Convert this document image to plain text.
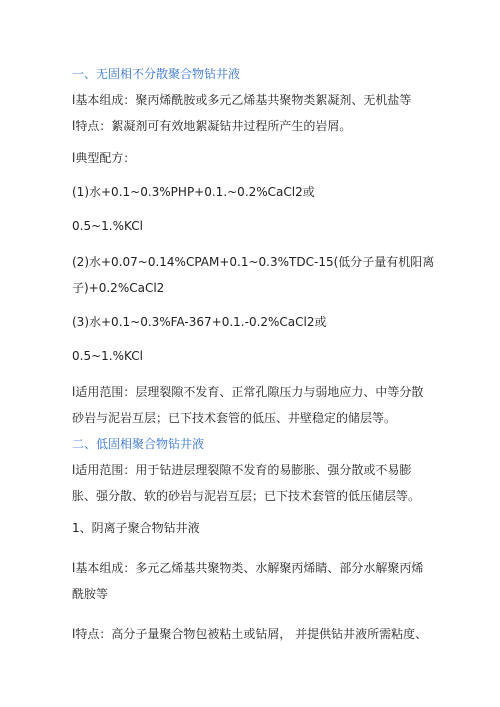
一、无固相不分散聚合物钻井液

l基本组成：聚丙烯酰胺或多元乙烯基共聚物类絮凝剂、无机盐等

l特点：絮凝剂可有效地絮凝钻井过程所产生的岩屑。

l典型配方：

(1)水+0.1~0.3%PHP+0.1.~0.2%CaCl2或

0.5~1.%KCl

(2)水+0.07~0.14%CPAM+0.1~0.3%TDC-15(低分子量有机阳离

子)+0.2%CaCl2

(3)水+0.1~0.3%FA-367+0.1.-0.2%CaCl2或

0.5~1.%KCl

l适用范围：层理裂隙不发育、正常孔隙压力与弱地应力、中等分散

砂岩与泥岩互层；已下技术套管的低压、井壁稳定的储层等。

二、低固相聚合物钻井液

l适用范围：用于钻进层理裂隙不发育的易膨胀、强分散或不易膨

胀、强分散、软的砂岩与泥岩互层；已下技术套管的低压储层等。

1、阴离子聚合物钻井液

l基本组成：多元乙烯基共聚物类、水解聚丙烯睛、部分水解聚丙烯

酰胺等

l特点：高分子量聚合物包被粘土或钻屑， 并提供钻井液所需粘度、
